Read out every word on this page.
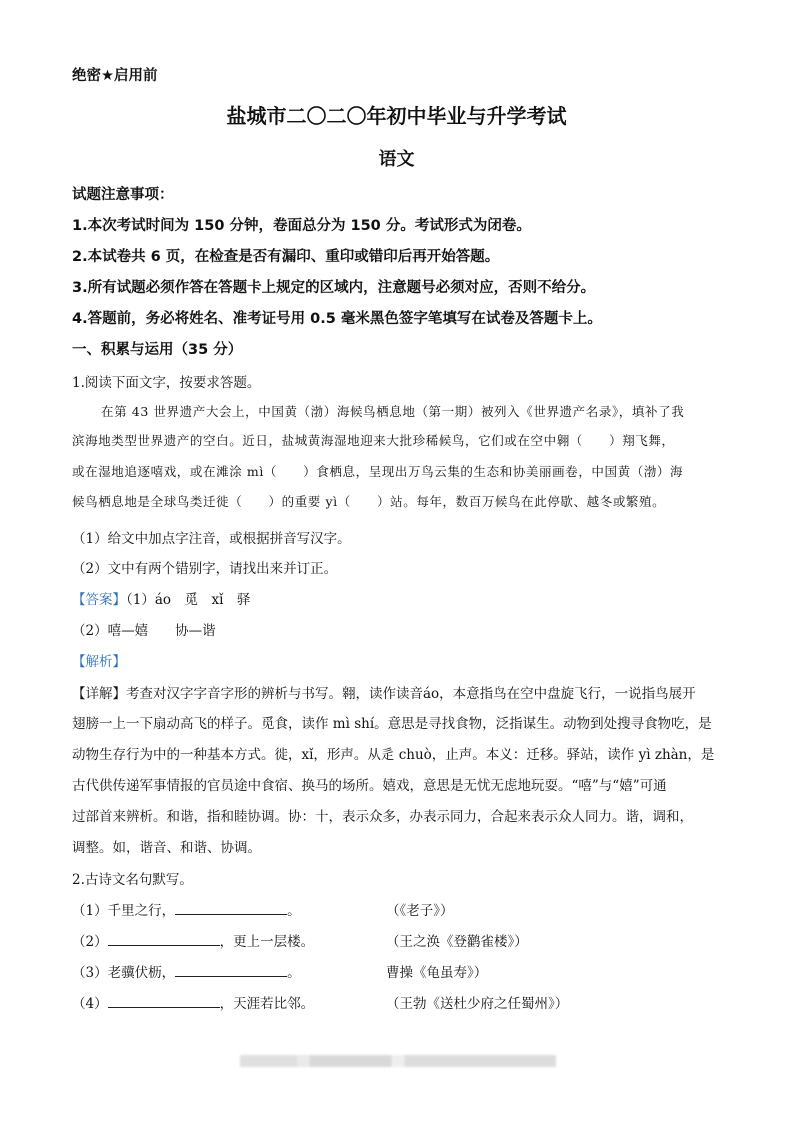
绝密★启用前
盐城市二〇二〇年初中毕业与升学考试
语文
试题注意事项：
1.本次考试时间为 150 分钟，卷面总分为 150 分。考试形式为闭卷。
2.本试卷共 6 页，在检查是否有漏印、重印或错印后再开始答题。
3.所有试题必须作答在答题卡上规定的区域内，注意题号必须对应，否则不给分。
4.答题前，务必将姓名、准考证号用 0.5 毫米黑色签字笔填写在试卷及答题卡上。
一、积累与运用（35 分）
1.阅读下面文字，按要求答题。
在第 43 世界遗产大会上，中国黄（渤）海候鸟栖息地（第一期）被列入《世界遗产名录》，填补了我
滨海地类型世界遗产的空白。近日，盐城黄海湿地迎来大批珍稀候鸟，它们或在空中翱（　　）翔飞舞，
或在湿地追逐嘻戏，或在滩涂 mì（　　）食栖息，呈现出万鸟云集的生态和协美丽画卷，中国黄（渤）海
候鸟栖息地是全球鸟类迁徙（　　）的重要 yì（　　）站。每年，数百万候鸟在此停歇、越冬或繁殖。
（1）给文中加点字注音，或根据拼音写汉字。
（2）文中有两个错别字，请找出来并订正。
【答案】（1）áo　觅　xǐ　驿
（2）嘻—嬉　　协—谐
【解析】
【详解】考查对汉字字音字形的辨析与书写。翱，读作读音áo，本意指鸟在空中盘旋飞行，一说指鸟展开
翅膀一上一下扇动高飞的样子。觅食，读作 mì shí。意思是寻找食物，泛指谋生。动物到处搜寻食物吃，是
动物生存行为中的一种基本方式。徙，xǐ，形声。从辵 chuò，止声。本义：迁移。驿站，读作 yì zhàn，是
古代供传递军事情报的官员途中食宿、换马的场所。嬉戏，意思是无忧无虑地玩耍。“嘻”与“嬉”可通
过部首来辨析。和谐，指和睦协调。协：十，表示众多，办表示同力，合起来表示众人同力。谐，调和，
调整。如，谐音、和谐、协调。
2.古诗文名句默写。
（1）千里之行，	。	（《老子》）
（2）	，更上一层楼。	（王之涣《登鹳雀楼》）
（3）老骥伏枥，	。	曹操《龟虽寿》）
（4）	，天涯若比邻。	（王勃《送杜少府之任蜀州》）
